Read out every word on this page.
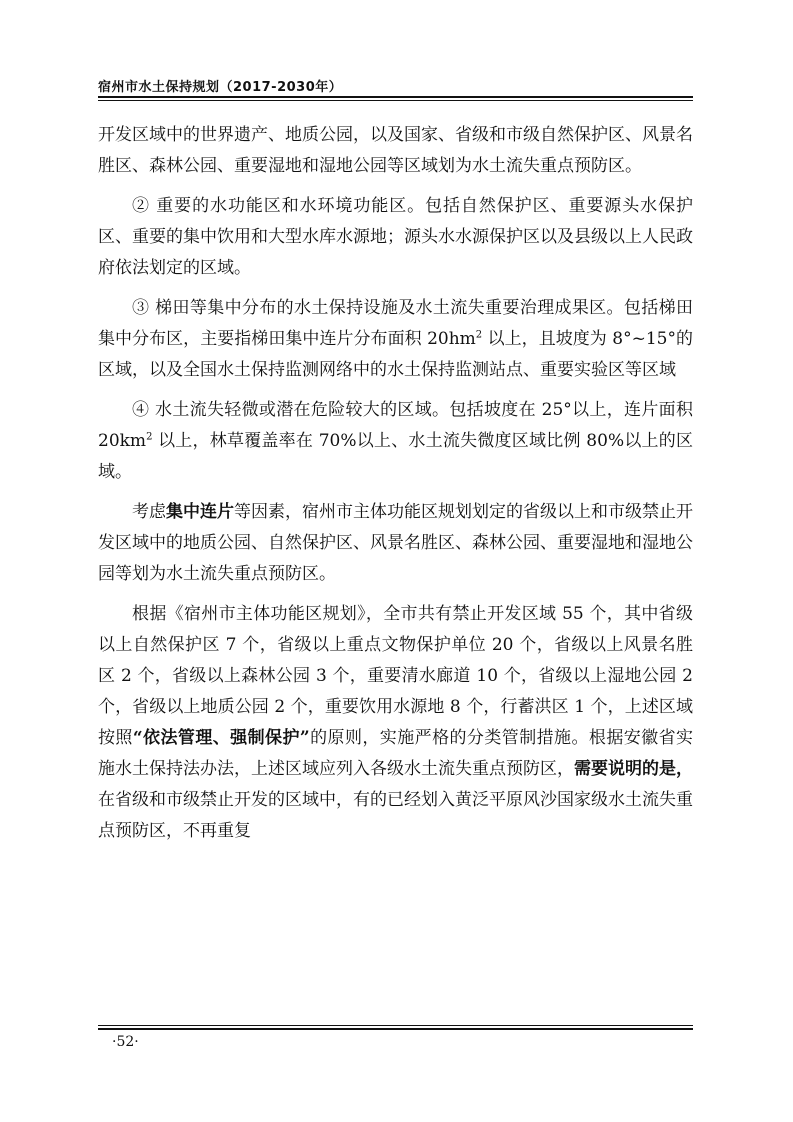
宿州市水土保持规划（2017-2030年）

开发区域中的世界遗产、地质公园，以及国家、省级和市级自然保护区、风景名胜区、森林公园、重要湿地和湿地公园等区域划为水土流失重点预防区。

② 重要的水功能区和水环境功能区。包括自然保护区、重要源头水保护区、重要的集中饮用和大型水库水源地；源头水水源保护区以及县级以上人民政府依法划定的区域。

③ 梯田等集中分布的水土保持设施及水土流失重要治理成果区。包括梯田集中分布区，主要指梯田集中连片分布面积 $20hm^2$ 以上，且坡度为 8°~15°的区域，以及全国水土保持监测网络中的水土保持监测站点、重要实验区等区域

④ 水土流失轻微或潜在危险较大的区域。包括坡度在 25°以上，连片面积 $20km^2$ 以上，林草覆盖率在 70%以上、水土流失微度区域比例 80%以上的区域。

考虑集中连片等因素，宿州市主体功能区规划划定的省级以上和市级禁止开发区域中的地质公园、自然保护区、风景名胜区、森林公园、重要湿地和湿地公园等划为水土流失重点预防区。

根据《宿州市主体功能区规划》，全市共有禁止开发区域 55 个，其中省级以上自然保护区 7 个，省级以上重点文物保护单位 20 个，省级以上风景名胜区 2 个，省级以上森林公园 3 个，重要清水廊道 10 个，省级以上湿地公园 2 个，省级以上地质公园 2 个，重要饮用水源地 8 个，行蓄洪区 1 个，上述区域按照“依法管理、强制保护”的原则，实施严格的分类管制措施。根据安徽省实施水土保持法办法，上述区域应列入各级水土流失重点预防区，需要说明的是，在省级和市级禁止开发的区域中，有的已经划入黄泛平原风沙国家级水土流失重点预防区，不再重复

·52·
